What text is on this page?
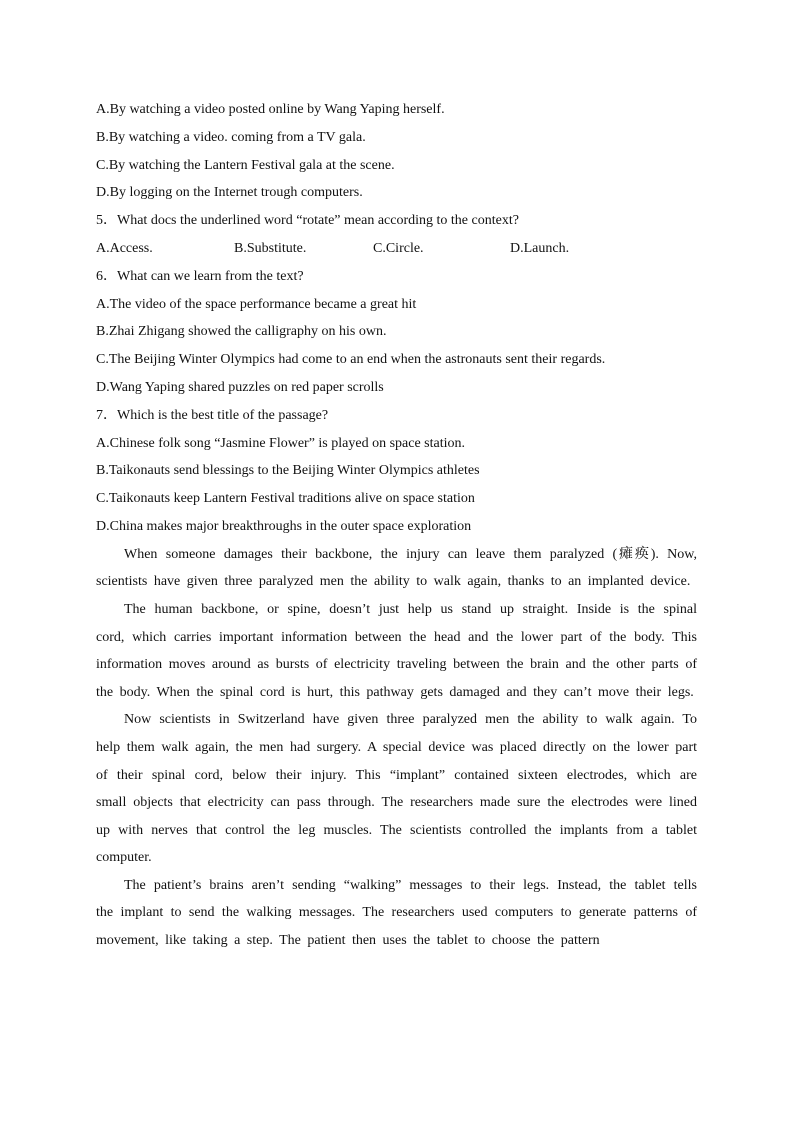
A.By watching a video posted online by Wang Yaping herself.
B.By watching a video. coming from a TV gala.
C.By watching the Lantern Festival gala at the scene.
D.By logging on the Internet trough computers.
5．What docs the underlined word “rotate” mean according to the context?
A.Access.	B.Substitute.	C.Circle.	D.Launch.
6．What can we learn from the text?
A.The video of the space performance became a great hit
B.Zhai Zhigang showed the calligraphy on his own.
C.The Beijing Winter Olympics had come to an end when the astronauts sent their regards.
D.Wang Yaping shared puzzles on red paper scrolls
7．Which is the best title of the passage?
A.Chinese folk song “Jasmine Flower” is played on space station.
B.Taikonauts send blessings to the Beijing Winter Olympics athletes
C.Taikonauts keep Lantern Festival traditions alive on space station
D.China makes major breakthroughs in the outer space exploration

When someone damages their backbone, the injury can leave them paralyzed (瘫痪). Now, scientists have given three paralyzed men the ability to walk again, thanks to an implanted device.

The human backbone, or spine, doesn’t just help us stand up straight. Inside is the spinal cord, which carries important information between the head and the lower part of the body. This information moves around as bursts of electricity traveling between the brain and the other parts of the body. When the spinal cord is hurt, this pathway gets damaged and they can’t move their legs.

Now scientists in Switzerland have given three paralyzed men the ability to walk again. To help them walk again, the men had surgery. A special device was placed directly on the lower part of their spinal cord, below their injury. This “implant” contained sixteen electrodes, which are small objects that electricity can pass through. The researchers made sure the electrodes were lined up with nerves that control the leg muscles. The scientists controlled the implants from a tablet computer.

The patient’s brains aren’t sending “walking” messages to their legs. Instead, the tablet tells the implant to send the walking messages. The researchers used computers to generate patterns of movement, like taking a step. The patient then uses the tablet to choose the pattern
